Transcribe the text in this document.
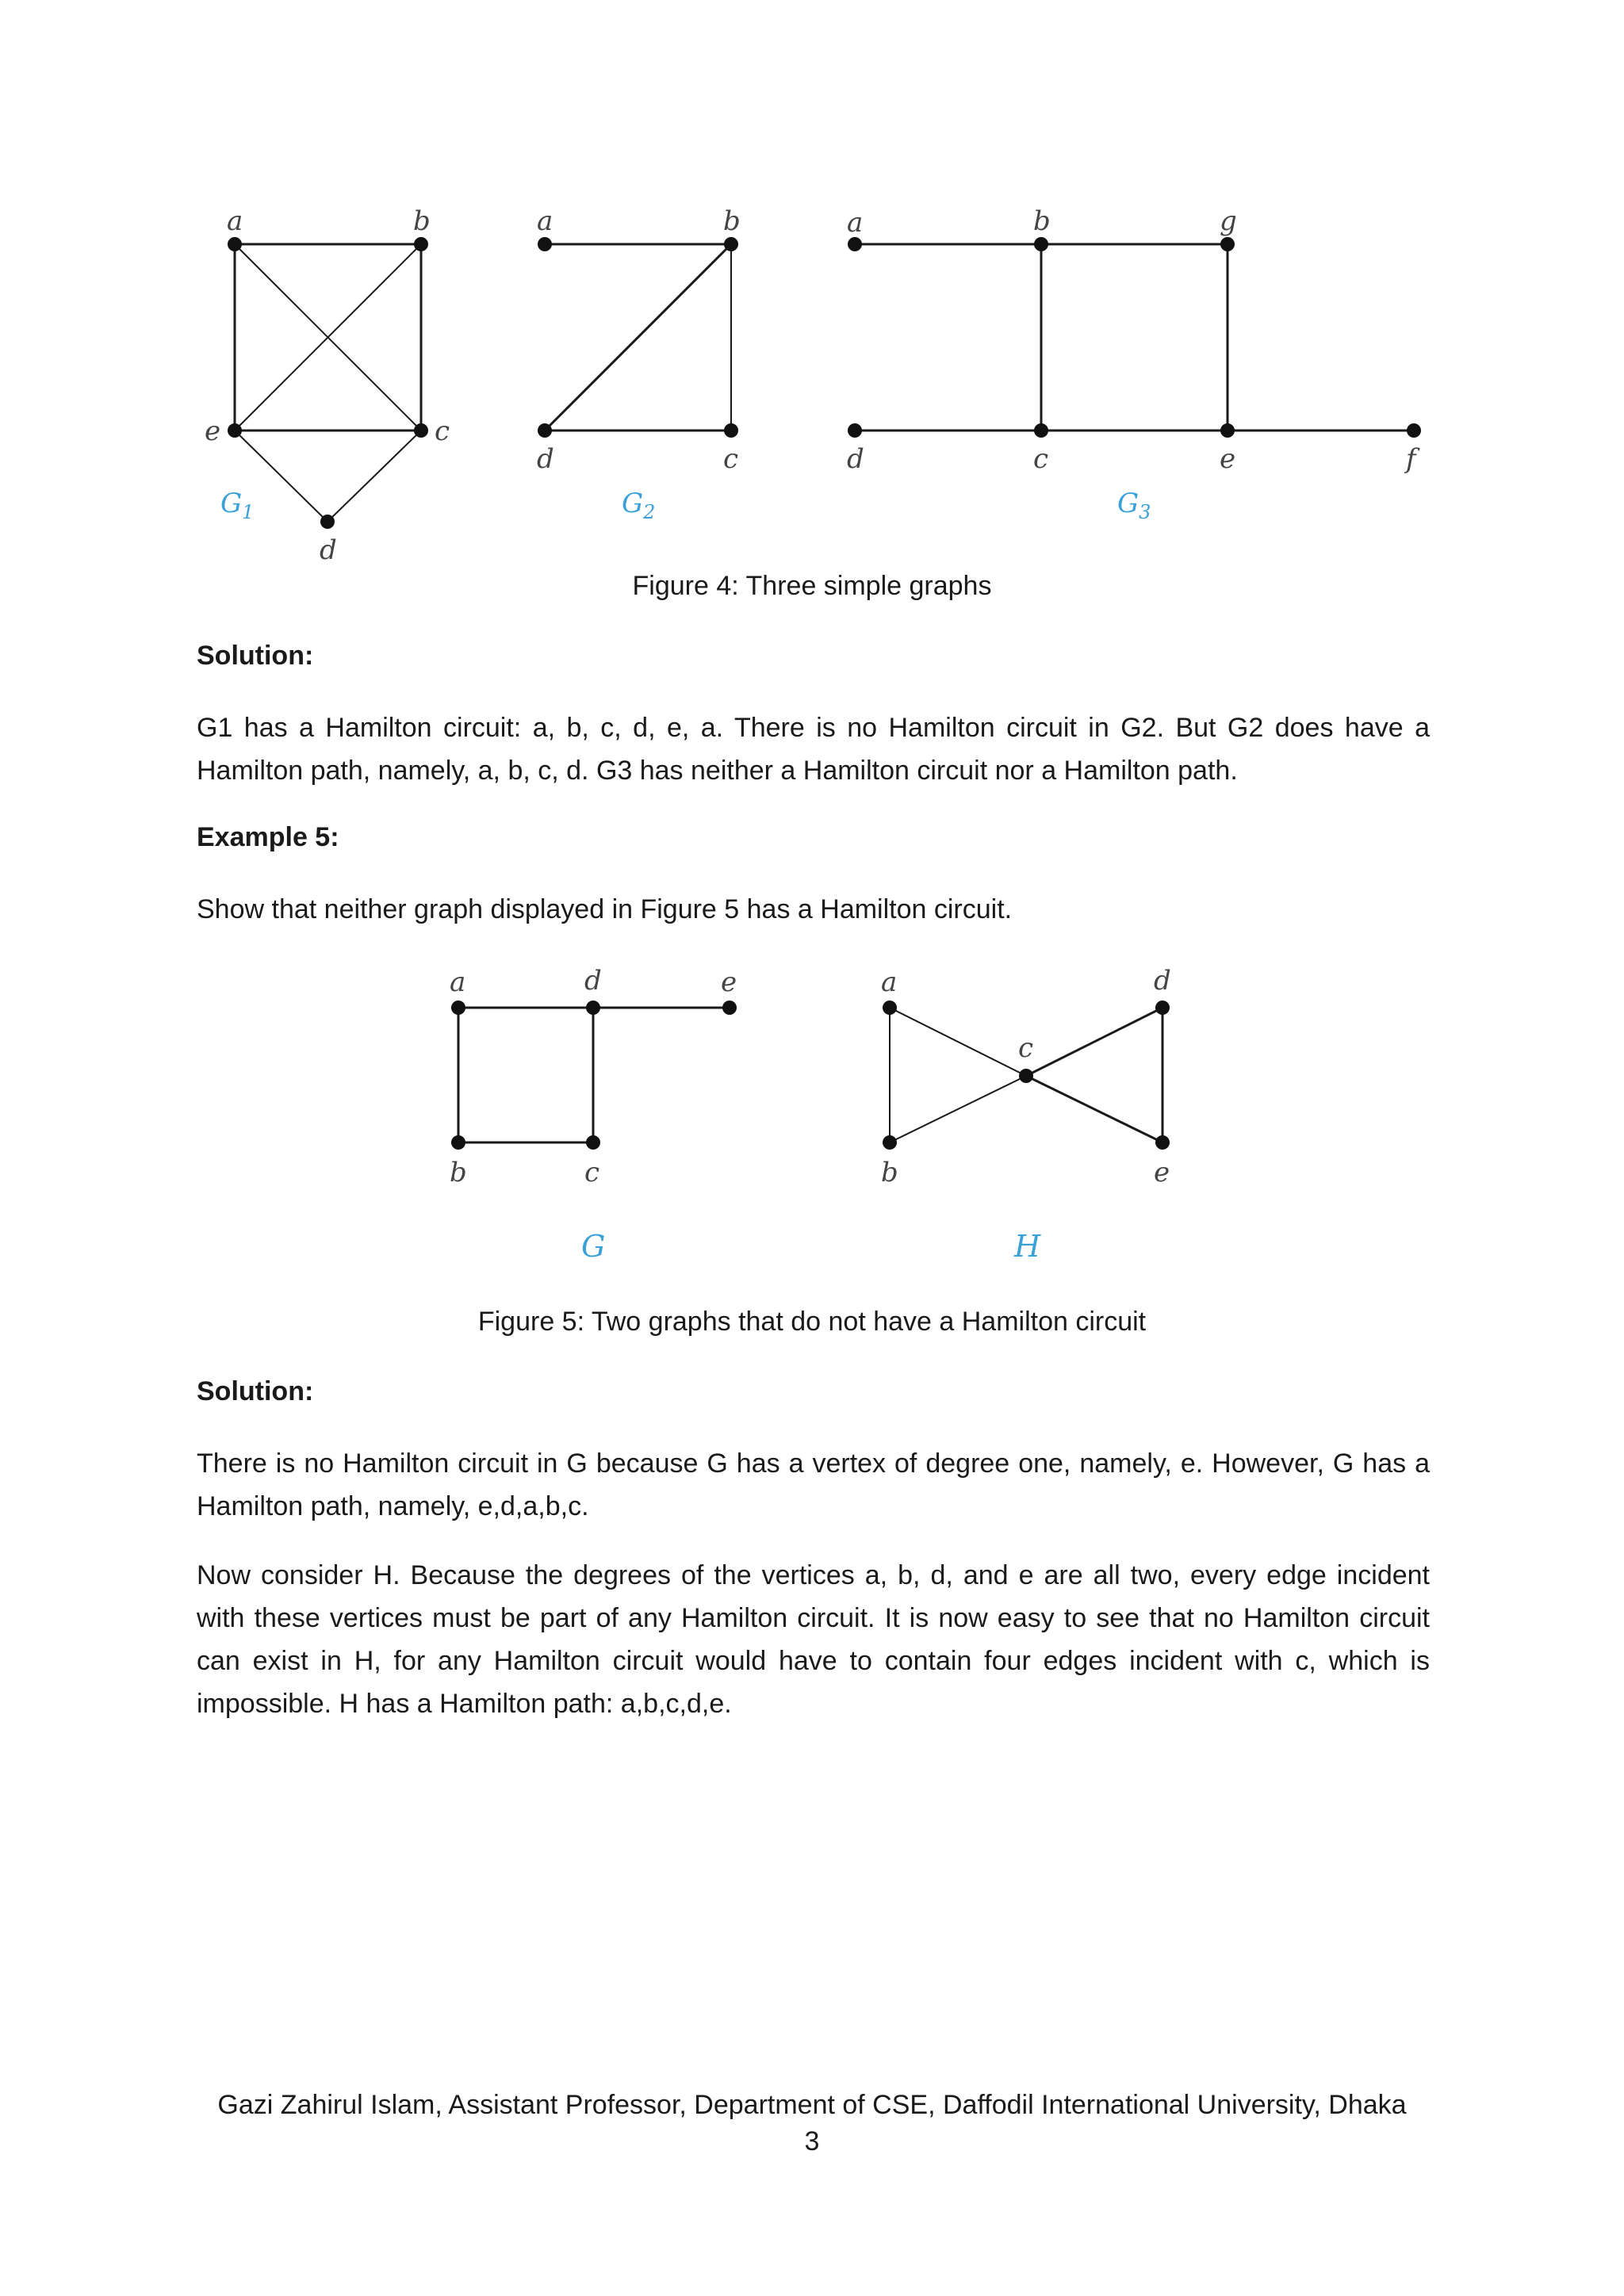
a	b
c
d
e
$G_1$
a	b
c
d
$G_2$
a	b	g
d	c	e	f
$G_3$
Figure 4: Three simple graphs
Solution:

G1 has a Hamilton circuit: a, b, c, d, e, a. There is no Hamilton circuit in G2. But G2 does have a Hamilton path, namely, a, b, c, d. G3 has neither a Hamilton circuit nor a Hamilton path.

Example 5:

Show that neither graph displayed in Figure 5 has a Hamilton circuit.

a	d	e
b	c
G
a	d
c
b	e
H
Figure 5: Two graphs that do not have a Hamilton circuit
Solution:

There is no Hamilton circuit in G because G has a vertex of degree one, namely, e. However, G has a Hamilton path, namely, e,d,a,b,c.

Now consider H. Because the degrees of the vertices a, b, d, and e are all two, every edge incident with these vertices must be part of any Hamilton circuit. It is now easy to see that no Hamilton circuit can exist in H, for any Hamilton circuit would have to contain four edges incident with c, which is impossible. H has a Hamilton path: a,b,c,d,e.

Gazi Zahirul Islam, Assistant Professor, Department of CSE, Daffodil International University, Dhaka
3
